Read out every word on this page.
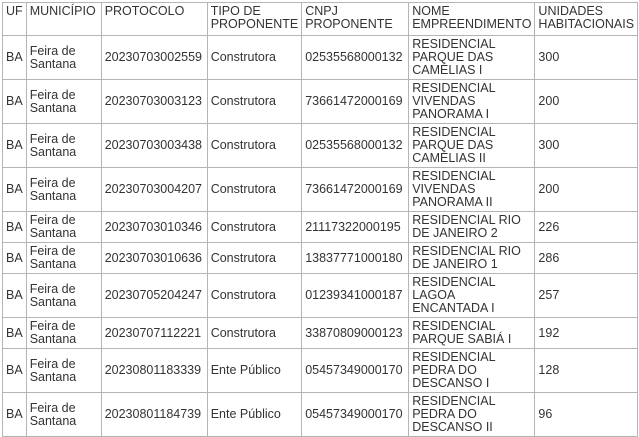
UF	MUNICÍPIO	PROTOCOLO	TIPO DE PROPONENTE	CNPJ PROPONENTE	NOME EMPREENDIMENTO	UNIDADES HABITACIONAIS
BA	Feira de Santana	20230703002559	Construtora	02535568000132	RESIDENCIAL PARQUE DAS CAMÉLIAS I	300
BA	Feira de Santana	20230703003123	Construtora	73661472000169	RESIDENCIAL VIVENDAS PANORAMA I	200
BA	Feira de Santana	20230703003438	Construtora	02535568000132	RESIDENCIAL PARQUE DAS CAMÉLIAS II	300
BA	Feira de Santana	20230703004207	Construtora	73661472000169	RESIDENCIAL VIVENDAS PANORAMA II	200
BA	Feira de Santana	20230703010346	Construtora	21117322000195	RESIDENCIAL RIO DE JANEIRO 2	226
BA	Feira de Santana	20230703010636	Construtora	13837771000180	RESIDENCIAL RIO DE JANEIRO 1	286
BA	Feira de Santana	20230705204247	Construtora	01239341000187	RESIDENCIAL LAGOA ENCANTADA I	257
BA	Feira de Santana	20230707112221	Construtora	33870809000123	RESIDENCIAL PARQUE SABIÁ I	192
BA	Feira de Santana	20230801183339	Ente Público	05457349000170	RESIDENCIAL PEDRA DO DESCANSO I	128
BA	Feira de Santana	20230801184739	Ente Público	05457349000170	RESIDENCIAL PEDRA DO DESCANSO II	96
